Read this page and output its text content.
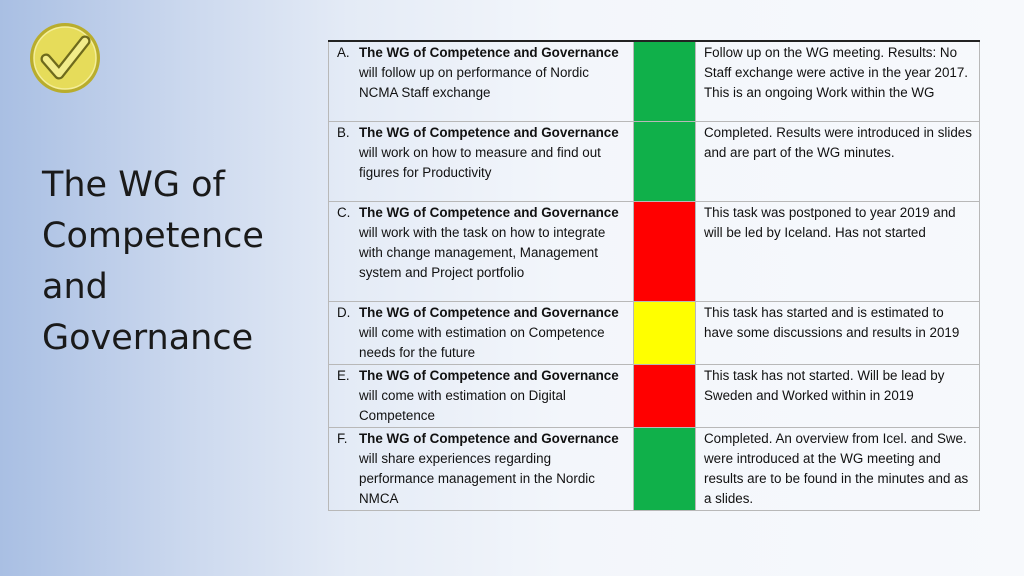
The WG of
Competence
and
Governance
A. The WG of Competence and Governance will follow up on performance of Nordic NCMA Staff exchange		Follow up on the WG meeting. Results: No Staff exchange were active in the year 2017. This is an ongoing Work within the WG

B. The WG of Competence and Governance will work on how to measure and find out figures for Productivity		Completed. Results were introduced in slides and are part of the WG minutes.

C. The WG of Competence and Governance will work with the task on how to integrate with change management, Management system and Project portfolio		This task was postponed to year 2019 and will be led by Iceland. Has not started

D. The WG of Competence and Governance will come with estimation on Competence needs for the future		This task has started and is estimated to have some discussions and results in 2019

E. The WG of Competence and Governance will come with estimation on Digital Competence		This task has not started. Will be lead by Sweden and Worked within in 2019

F. The WG of Competence and Governance will share experiences regarding performance management in the Nordic NMCA		Completed. An overview from Icel. and Swe. were introduced at the WG meeting and results are to be found in the minutes and as a slides.
